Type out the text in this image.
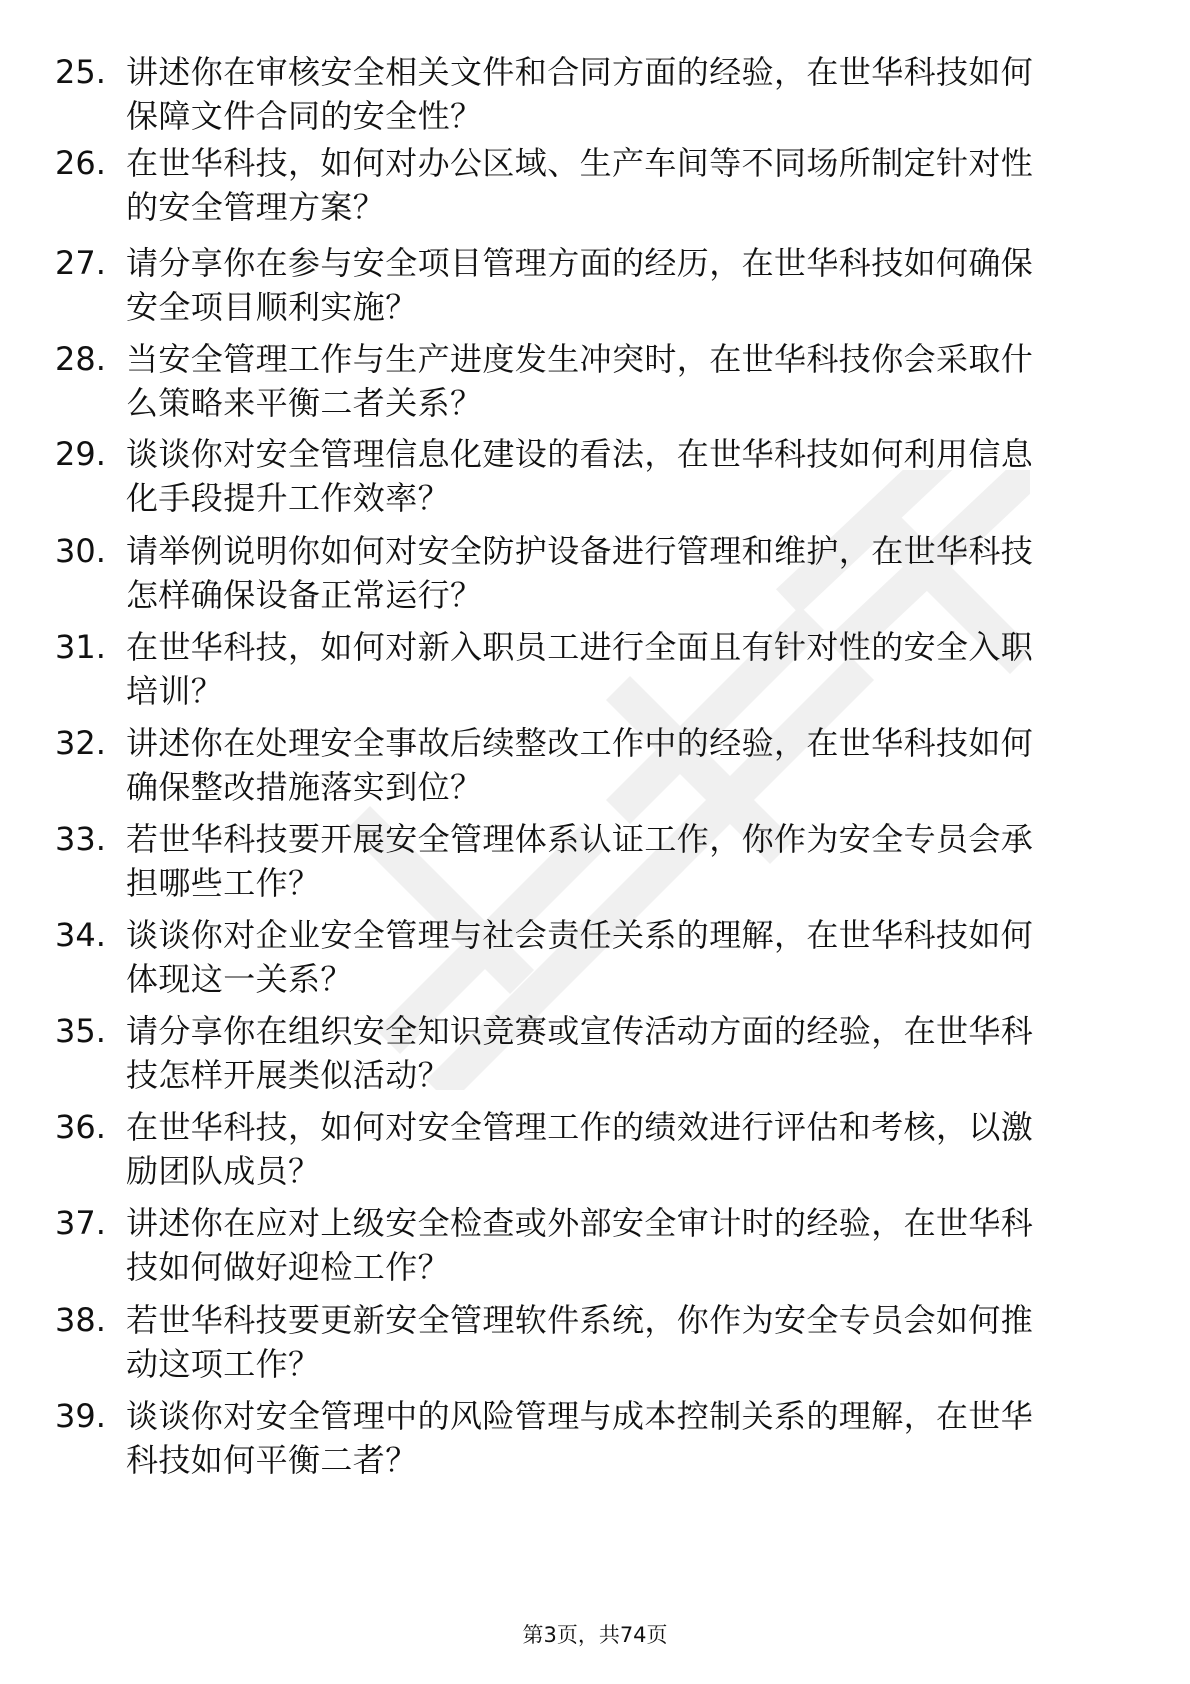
25. 讲述你在审核安全相关文件和合同方面的经验，在世华科技如何
保障文件合同的安全性？
26. 在世华科技，如何对办公区域、生产车间等不同场所制定针对性
的安全管理方案？
27. 请分享你在参与安全项目管理方面的经历，在世华科技如何确保
安全项目顺利实施？
28. 当安全管理工作与生产进度发生冲突时，在世华科技你会采取什
么策略来平衡二者关系？
29. 谈谈你对安全管理信息化建设的看法，在世华科技如何利用信息
化手段提升工作效率？
30. 请举例说明你如何对安全防护设备进行管理和维护，在世华科技
怎样确保设备正常运行？
31. 在世华科技，如何对新入职员工进行全面且有针对性的安全入职
培训？
32. 讲述你在处理安全事故后续整改工作中的经验，在世华科技如何
确保整改措施落实到位？
33. 若世华科技要开展安全管理体系认证工作，你作为安全专员会承
担哪些工作？
34. 谈谈你对企业安全管理与社会责任关系的理解，在世华科技如何
体现这一关系？
35. 请分享你在组织安全知识竞赛或宣传活动方面的经验，在世华科
技怎样开展类似活动？
36. 在世华科技，如何对安全管理工作的绩效进行评估和考核，以激
励团队成员？
37. 讲述你在应对上级安全检查或外部安全审计时的经验，在世华科
技如何做好迎检工作？
38. 若世华科技要更新安全管理软件系统，你作为安全专员会如何推
动这项工作？
39. 谈谈你对安全管理中的风险管理与成本控制关系的理解，在世华
科技如何平衡二者？
第3页，共74页
